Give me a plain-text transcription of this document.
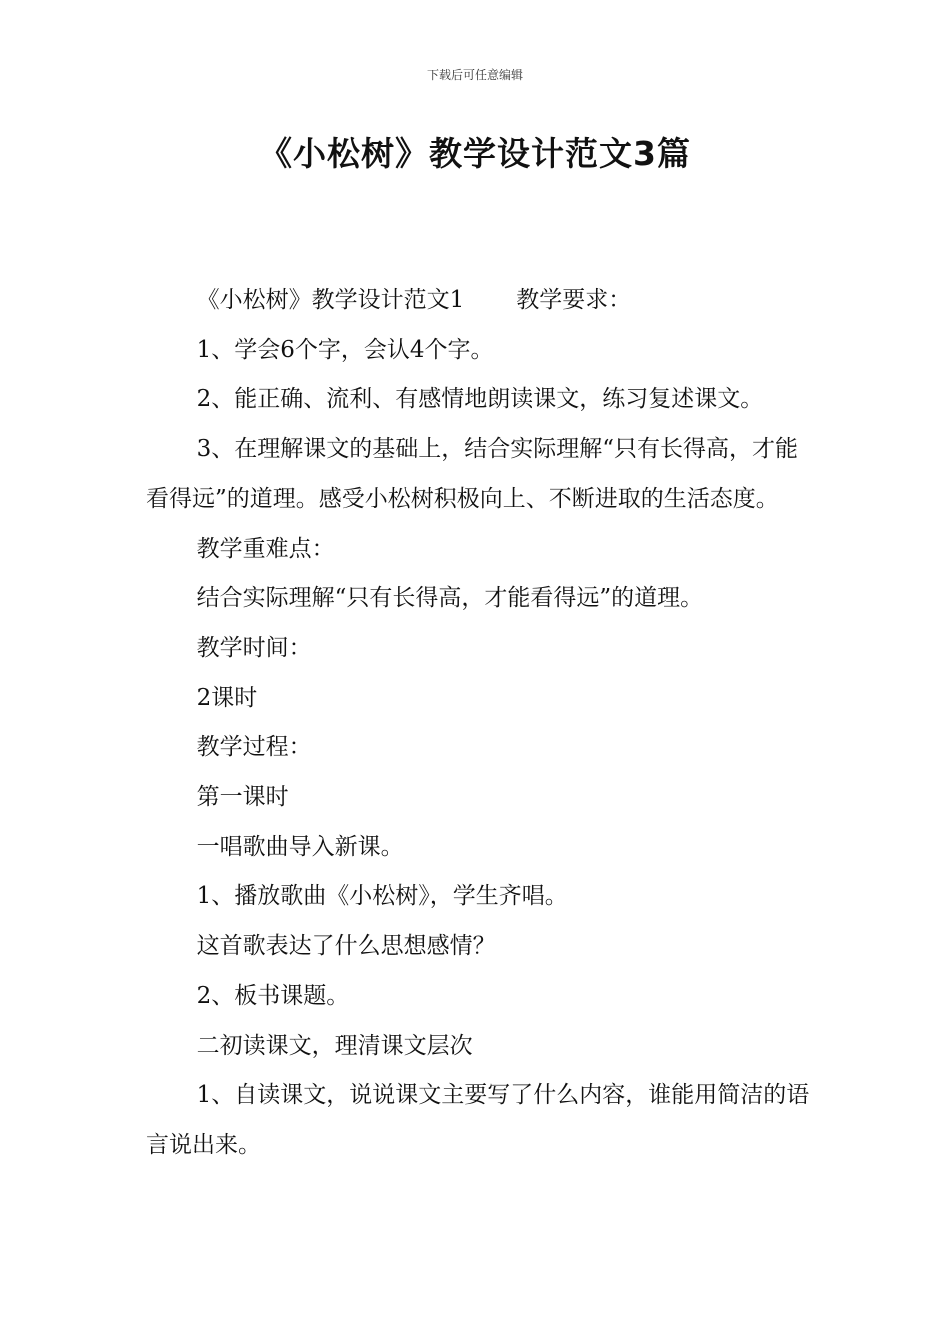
下载后可任意编辑
《小松树》教学设计范文3篇

《小松树》教学设计范文1 教学要求：

1、学会6个字，会认4个字。

2、能正确、流利、有感情地朗读课文，练习复述课文。

3、在理解课文的基础上，结合实际理解“只有长得高，才能看得远”的道理。感受小松树积极向上、不断进取的生活态度。

教学重难点：

结合实际理解“只有长得高，才能看得远”的道理。

教学时间：

2课时

教学过程：

第一课时

一唱歌曲导入新课。

1、播放歌曲《小松树》，学生齐唱。

这首歌表达了什么思想感情？

2、板书课题。

二初读课文，理清课文层次

1、自读课文，说说课文主要写了什么内容，谁能用简洁的语言说出来。
